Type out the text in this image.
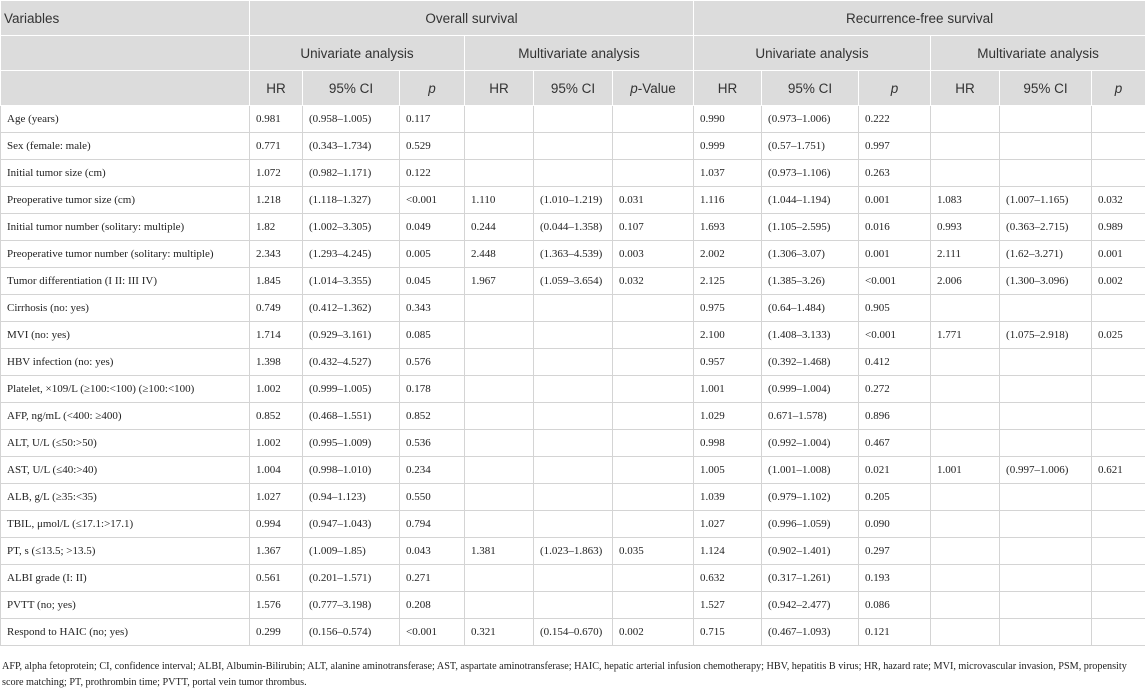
Variables	Overall survival						Recurrence-free survival					
	Univariate analysis			Multivariate analysis			Univariate analysis			Multivariate analysis		
	HR	95% CI	p	HR	95% CI	p-Value	HR	95% CI	p	HR	95% CI	p
Age (years)	0.981	(0.958–1.005)	0.117				0.990	(0.973–1.006)	0.222			
Sex (female: male)	0.771	(0.343–1.734)	0.529				0.999	(0.57–1.751)	0.997			
Initial tumor size (cm)	1.072	(0.982–1.171)	0.122				1.037	(0.973–1.106)	0.263			
Preoperative tumor size (cm)	1.218	(1.118–1.327)	<0.001	1.110	(1.010–1.219)	0.031	1.116	(1.044–1.194)	0.001	1.083	(1.007–1.165)	0.032
Initial tumor number (solitary: multiple)	1.82	(1.002–3.305)	0.049	0.244	(0.044–1.358)	0.107	1.693	(1.105–2.595)	0.016	0.993	(0.363–2.715)	0.989
Preoperative tumor number (solitary: multiple)	2.343	(1.293–4.245)	0.005	2.448	(1.363–4.539)	0.003	2.002	(1.306–3.07)	0.001	2.111	(1.62–3.271)	0.001
Tumor differentiation (I II: III IV)	1.845	(1.014–3.355)	0.045	1.967	(1.059–3.654)	0.032	2.125	(1.385–3.26)	<0.001	2.006	(1.300–3.096)	0.002
Cirrhosis (no: yes)	0.749	(0.412–1.362)	0.343				0.975	(0.64–1.484)	0.905			
MVI (no: yes)	1.714	(0.929–3.161)	0.085				2.100	(1.408–3.133)	<0.001	1.771	(1.075–2.918)	0.025
HBV infection (no: yes)	1.398	(0.432–4.527)	0.576				0.957	(0.392–1.468)	0.412			
Platelet, ×109/L (≥100:<100) (≥100:<100)	1.002	(0.999–1.005)	0.178				1.001	(0.999–1.004)	0.272			
AFP, ng/mL (<400: ≥400)	0.852	(0.468–1.551)	0.852				1.029	0.671–1.578)	0.896			
ALT, U/L (≤50:>50)	1.002	(0.995–1.009)	0.536				0.998	(0.992–1.004)	0.467			
AST, U/L (≤40:>40)	1.004	(0.998–1.010)	0.234				1.005	(1.001–1.008)	0.021	1.001	(0.997–1.006)	0.621
ALB, g/L (≥35:<35)	1.027	(0.94–1.123)	0.550				1.039	(0.979–1.102)	0.205			
TBIL, μmol/L (≤17.1:>17.1)	0.994	(0.947–1.043)	0.794				1.027	(0.996–1.059)	0.090			
PT, s (≤13.5; >13.5)	1.367	(1.009–1.85)	0.043	1.381	(1.023–1.863)	0.035	1.124	(0.902–1.401)	0.297			
ALBI grade (I: II)	0.561	(0.201–1.571)	0.271				0.632	(0.317–1.261)	0.193			
PVTT (no; yes)	1.576	(0.777–3.198)	0.208				1.527	(0.942–2.477)	0.086			
Respond to HAIC (no; yes)	0.299	(0.156–0.574)	<0.001	0.321	(0.154–0.670)	0.002	0.715	(0.467–1.093)	0.121			
AFP, alpha fetoprotein; CI, confidence interval; ALBI, Albumin-Bilirubin; ALT, alanine aminotransferase; AST, aspartate aminotransferase; HAIC, hepatic arterial infusion chemotherapy; HBV, hepatitis B virus; HR, hazard rate; MVI, microvascular invasion, PSM, propensity score matching; PT, prothrombin time; PVTT, portal vein tumor thrombus.
